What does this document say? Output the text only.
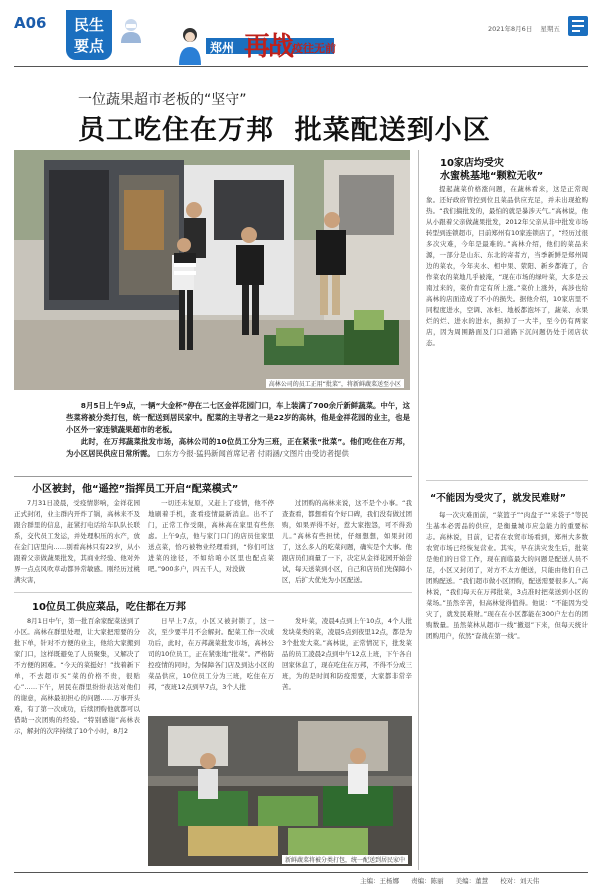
A06	民生
要点	郑州 再战 疫往无前
2021年8月6日 星期五
一位蔬果超市老板的“坚守”
员工吃住在万邦  批菜配送到小区
高林公司的员工正用“批菜”，将新鲜蔬菜送至小区

8月5日上午9点，一辆“大金杯”停在二七区金祥花园门口，车上装满了700余斤新鲜蔬菜。中午，这些菜将被分类打包，统一配送到居民家中。配菜的主导者之一是22岁的高林，他是金祥花园的业主，也是小区外一家连锁蔬果超市的老板。

此时，在万邦蔬菜批发市场，高林公司的10位员工分为三班，正在紧张“批菜”。他们吃住在万邦，为小区居民供应日常所需。 □东方今报·猛犸新闻首席记者 付雨涵/文图片由受访者提供

10家店均受灾
水蜜桃基地“颗粒无收”

提起蔬菜价格涨问题，在蔬林看来，这是正常现象。还好政府管控到位且菜品供应充足，并未出现抢购热。“我们搞批发的，最怕的就是暴涉天气。”高林说，他从小跟着父亲做蔬果批发，2012年父亲从非中批发市场转型到连锁超市，目前郑州有10家连锁店了，“经历过很多次灾难，今年是最难的。”高林介绍，他们的菜品来源，一部分是山东、东北的寄者方，当季新鲜是郑州周边的菜农，今年夹水、相中果、荥阳、新乡都淹了，合作菜农的菜地几乎被淹，“现在市场的绿叶菜，大多是云南过来的，菜价肯定有所上涨。”菜价上涨外，高涉也给高林的店面造成了不小的损失。据他介绍，10家店里不同程度进水，空调、冰柜、地板都泡坏了，蔬菜、水果烂的烂、进水的进水，损掉了一大半，至今仍有两家店，因为周围路面及门口道路下沉问题仍处于闭店状态。

小区被封，他“遥控”指挥员工开启“配菜模式”

7月31日凌晨，受疫情影响，金祥花园正式封闭，业主群内开炸了锅，高林来不及跟合群里的信息，赶紧打电话给车队队长联系，交代员工发运，并处理积压的水产，放在金门店里向……别看高林只有22岁，从小跟着父亲做蔬果批发，其商业经验、他对外界一点点风吹草动都异常敏感。刚经历过桃满灾害，

一切还未复原，又赶上了疫情，他不停地刷着手机，查看疫情最新消息。出不了门，正常工作受限，高林高在家里有些焦虑。上午9点，他与家门口门的店员住家里送点菜，恰巧被物业经理看到，“你们可这进菜的途径，不如给咱小区里也配点菜吧。”900多户，四五千人，对没做

过团购的高林来说，这不是个小事。“我查查看，都想看有个好口碑，我们没有做过团购，如果弄得不好，惹大家抱怨，可不得劲儿。”高林有些担忧，仔细想想，如果封闭了，这么多人的吃菜问题，确实是个大事。他跟店员们商量了一下，决定从金祥花园开始尝试，每天送菜到小区，自己和店员们先保障小区，后扩大优先为小区配送。

10位员工供应菜品，吃住都在万邦

8月1日中午，第一批百余家配菜送到了小区。高林在群里处理，让大家把需要的分批下单，针对不方便的业主，他给大家搬到家门口，这样既避免了人员聚集，又解决了不方便的困难。“今天的菜挺好！”找着新下单，不去超市买”菜的价格不贵，很贴心”……下午，居民在群里纷纷表达对他们的谢意，高林最初担心的问题……万事开头难，有了第一次成功，后续团购他就都可以借助一次团购的经验。“特别感谢”高林表示，解封的次序持续了10个小时，8月2

日早上7点，小区又被封锁了，这一次，至少要半月不会解封。配菜工作一次成功后，此时，在万邦蔬菜批发市场，高林公司的10位员工，正在紧张地“批菜”。严格防控疫情的同时，为保障各门店及到达小区的菜品供应，10位员工分为三班，吃住在万邦，“夜班12点到早7点，3个人批

发叶菜，凌晨4点到上午10点，4个人批发块菜类的菜，凌晨5点到夜里12点，都是为3个批发大菜。”高林说，正常情况下，批发菜品的员工凌晨2点到中午12点上班，下午各自回家休息了，现在吃住在万邦，不得不分成三班，为的是时间和防疫需要，大家都非常辛苦。

新鲜蔬菜将被分类打包，统一配送到居民家中
“不能因为受灾了，就发民难财”

每一次灾难面前，“菜篮子”“肉盘子”“米袋子”等民生基本必需品的供应，是衡量城市应急能力的重要标志。高林说，目前，记者在农贸市场看到，郑州大多数农贸市场已经恢复营业。其实，早在洪灾发生后，批菜是他们的日常工作，现在面临最大的问题是配送人员不足，小区又封闭了，对方不太方便送，只能由他们自己团购配送。“我们超市做小区团购，配送需要很多人。”高林说，“我们每天在万邦批菜，3点准时把菜送到小区的菜场。”虽然辛苦，但高林觉得值得。他说：“不能因为受灾了，就发民难财。”现在在小区都能在300户左右的团购数量。虽然菜林从超市一线“撤退”下来，但每天统计团购用户，依然“奋战在第一线”。

主编：王杨娜 责编：陈丽 美编：董慧 校对：刘天伟
